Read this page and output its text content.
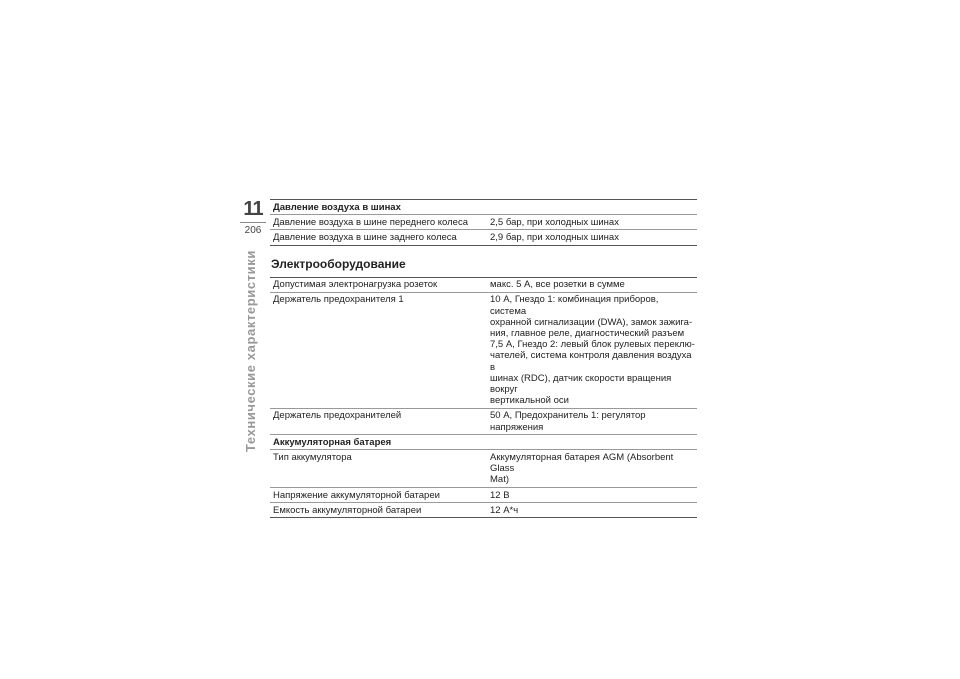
11
206
Технические характеристики
Давление воздуха в шинах
Давление воздуха в шине переднего колеса	2,5 бар, при холодных шинах
Давление воздуха в шине заднего колеса	2,9 бар, при холодных шинах
Электрооборудование
Допустимая электронагрузка розеток	макс. 5 А, все розетки в сумме
Держатель предохранителя 1	10 А, Гнездо 1: комбинация приборов, система
охранной сигнализации (DWA), замок зажига-
ния, главное реле, диагностический разъем
7,5 А, Гнездо 2: левый блок рулевых переклю-
чателей, система контроля давления воздуха в
шинах (RDC), датчик скорости вращения вокруг
вертикальной оси
Держатель предохранителей	50 А, Предохранитель 1: регулятор напряжения
Аккумуляторная батарея
Тип аккумулятора	Аккумуляторная батарея AGM (Absorbent Glass
Mat)
Напряжение аккумуляторной батареи	12 В
Емкость аккумуляторной батареи	12 А*ч
